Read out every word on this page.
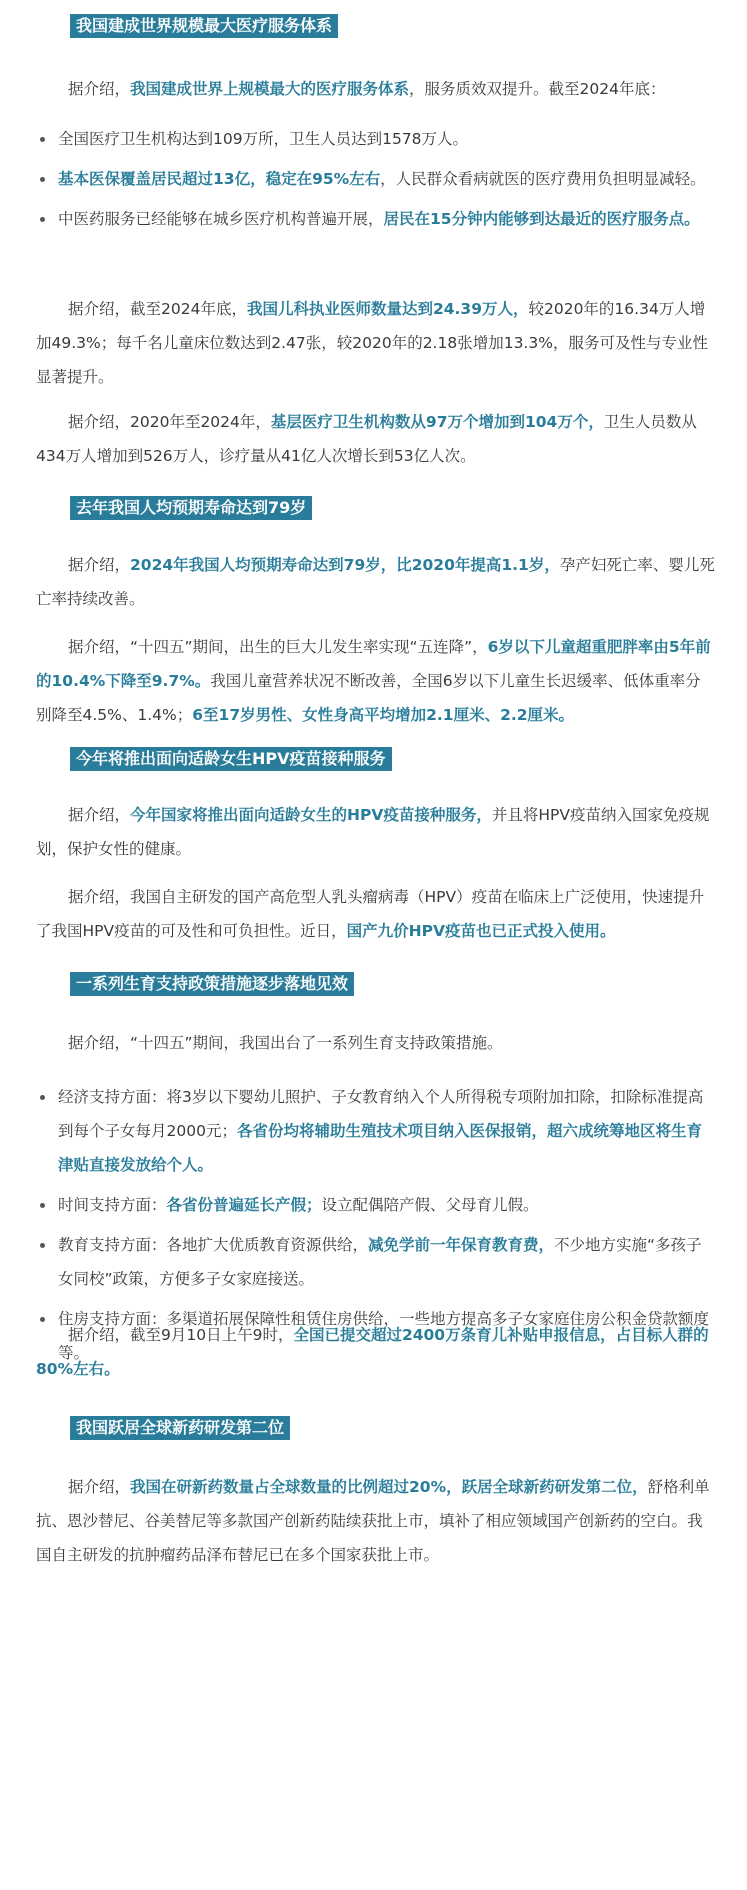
我国建成世界规模最大医疗服务体系
据介绍，我国建成世界上规模最大的医疗服务体系，服务质效双提升。截至2024年底：
全国医疗卫生机构达到109万所，卫生人员达到1578万人。
基本医保覆盖居民超过13亿，稳定在95%左右，人民群众看病就医的医疗费用负担明显减轻。
中医药服务已经能够在城乡医疗机构普遍开展，居民在15分钟内能够到达最近的医疗服务点。
据介绍，截至2024年底，我国儿科执业医师数量达到24.39万人，较2020年的16.34万人增加49.3%；每千名儿童床位数达到2.47张，较2020年的2.18张增加13.3%，服务可及性与专业性显著提升。
据介绍，2020年至2024年，基层医疗卫生机构数从97万个增加到104万个，卫生人员数从434万人增加到526万人，诊疗量从41亿人次增长到53亿人次。
去年我国人均预期寿命达到79岁
据介绍，2024年我国人均预期寿命达到79岁，比2020年提高1.1岁，孕产妇死亡率、婴儿死亡率持续改善。
据介绍，“十四五”期间，出生的巨大儿发生率实现“五连降”，6岁以下儿童超重肥胖率由5年前的10.4%下降至9.7%。我国儿童营养状况不断改善，全国6岁以下儿童生长迟缓率、低体重率分别降至4.5%、1.4%；6至17岁男性、女性身高平均增加2.1厘米、2.2厘米。
今年将推出面向适龄女生HPV疫苗接种服务
据介绍，今年国家将推出面向适龄女生的HPV疫苗接种服务，并且将HPV疫苗纳入国家免疫规划，保护女性的健康。
据介绍，我国自主研发的国产高危型人乳头瘤病毒（HPV）疫苗在临床上广泛使用，快速提升了我国HPV疫苗的可及性和可负担性。近日，国产九价HPV疫苗也已正式投入使用。
一系列生育支持政策措施逐步落地见效
据介绍，“十四五”期间，我国出台了一系列生育支持政策措施。
经济支持方面：将3岁以下婴幼儿照护、子女教育纳入个人所得税专项附加扣除，扣除标准提高到每个子女每月2000元；各省份均将辅助生殖技术项目纳入医保报销，超六成统筹地区将生育津贴直接发放给个人。
时间支持方面：各省份普遍延长产假；设立配偶陪产假、父母育儿假。
教育支持方面：各地扩大优质教育资源供给，减免学前一年保育教育费，不少地方实施“多孩子女同校”政策，方便多子女家庭接送。
住房支持方面：多渠道拓展保障性租赁住房供给，一些地方提高多子女家庭住房公积金贷款额度等。
据介绍，截至9月10日上午9时，全国已提交超过2400万条育儿补贴申报信息，占目标人群的80%左右。
我国跃居全球新药研发第二位
据介绍，我国在研新药数量占全球数量的比例超过20%，跃居全球新药研发第二位，舒格利单抗、恩沙替尼、谷美替尼等多款国产创新药陆续获批上市，填补了相应领域国产创新药的空白。我国自主研发的抗肿瘤药品泽布替尼已在多个国家获批上市。
